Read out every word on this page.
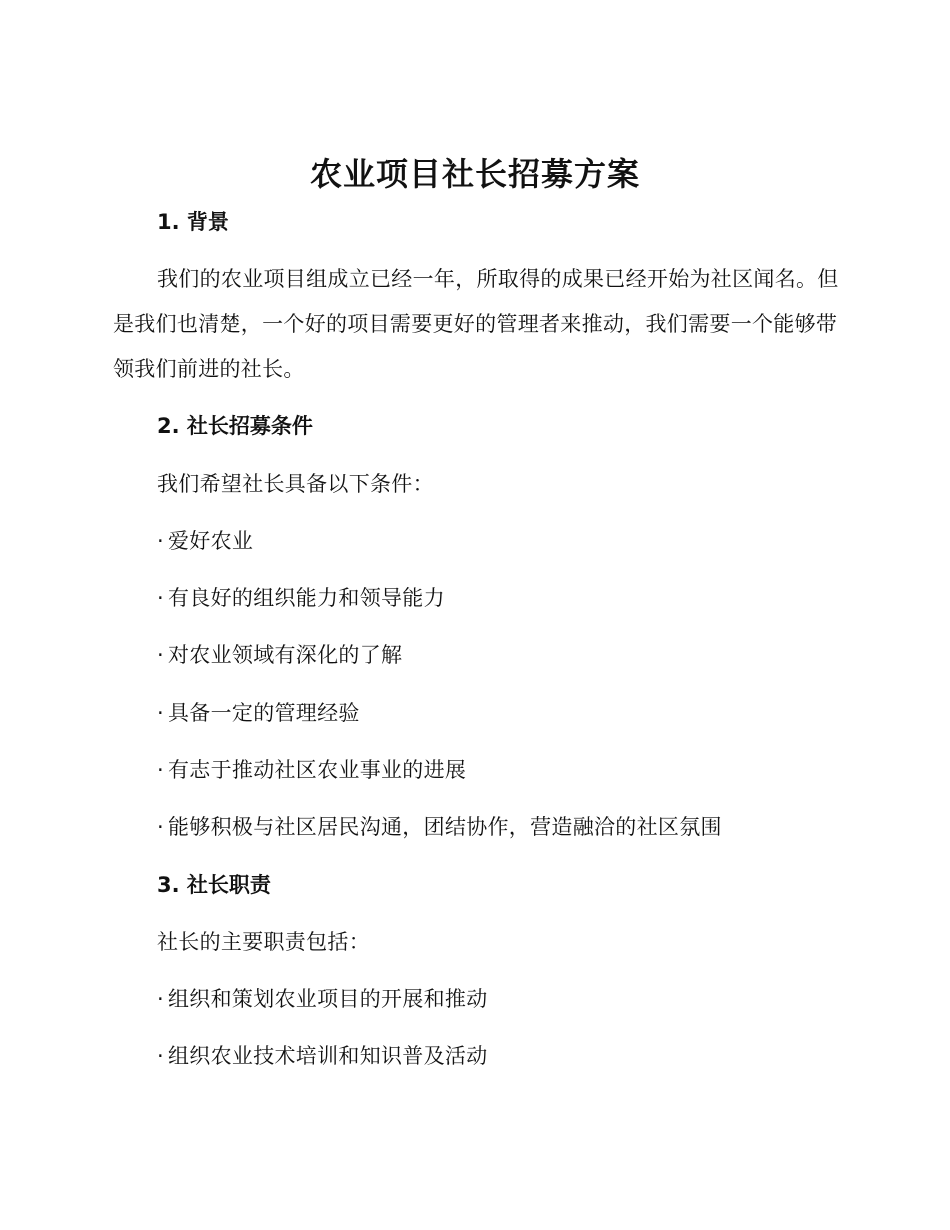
农业项目社长招募方案
1. 背景

我们的农业项目组成立已经一年，所取得的成果已经开始为社区闻名。但是我们也清楚，一个好的项目需要更好的管理者来推动，我们需要一个能够带领我们前进的社长。

2. 社长招募条件

我们希望社长具备以下条件：

· 爱好农业

· 有良好的组织能力和领导能力

· 对农业领域有深化的了解

· 具备一定的管理经验

· 有志于推动社区农业事业的进展

· 能够积极与社区居民沟通，团结协作，营造融洽的社区氛围

3. 社长职责

社长的主要职责包括：

· 组织和策划农业项目的开展和推动

· 组织农业技术培训和知识普及活动
